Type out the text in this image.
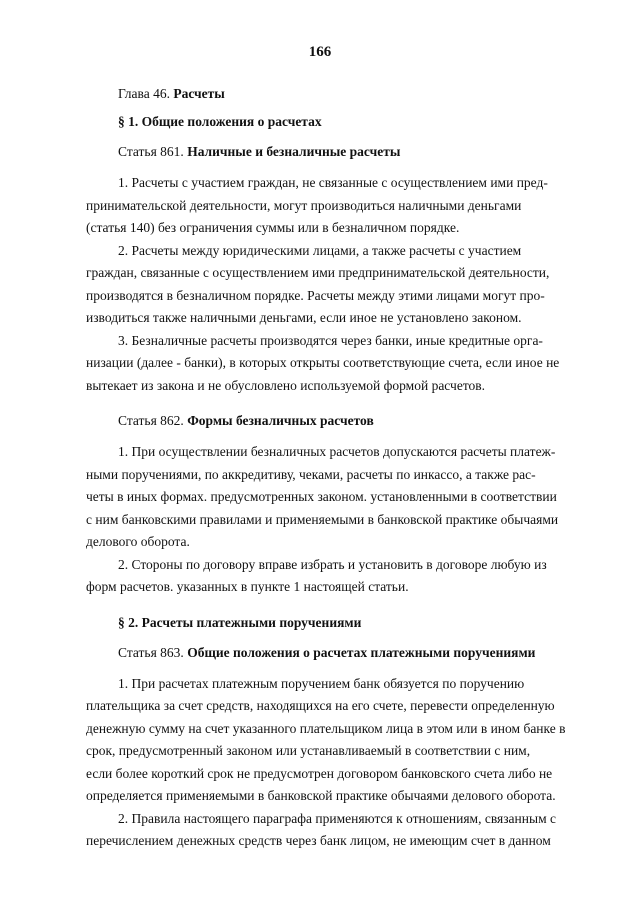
166

Глава 46. Расчеты

§ 1. Общие положения о расчетах

Статья 861. Наличные и безналичные расчеты

1. Расчеты с участием граждан, не связанные с осуществлением ими пред-
принимательской деятельности, могут производиться наличными деньгами
(статья 140) без ограничения суммы или в безналичном порядке.

2. Расчеты между юридическими лицами, а также расчеты с участием
граждан, связанные с осуществлением ими предпринимательской деятельности,
производятся в безналичном порядке. Расчеты между этими лицами могут про-
изводиться также наличными деньгами, если иное не установлено законом.

3. Безналичные расчеты производятся через банки, иные кредитные орга-
низации (далее - банки), в которых открыты соответствующие счета, если иное не
вытекает из закона и не обусловлено используемой формой расчетов.

Статья 862. Формы безналичных расчетов

1. При осуществлении безналичных расчетов допускаются расчеты платеж-
ными поручениями, по аккредитиву, чеками, расчеты по инкассо, а также рас-
четы в иных формах. предусмотренных законом. установленными в соответствии
с ним банковскими правилами и применяемыми в банковской практике обычаями
делового оборота.

2. Стороны по договору вправе избрать и установить в договоре любую из
форм расчетов. указанных в пункте 1 настоящей статьи.

§ 2. Расчеты платежными поручениями

Статья 863. Общие положения о расчетах платежными поручениями

1. При расчетах платежным поручением банк обязуется по поручению
плательщика за счет средств, находящихся на его счете, перевести определенную
денежную сумму на счет указанного плательщиком лица в этом или в ином банке в
срок, предусмотренный законом или устанавливаемый в соответствии с ним,
если более короткий срок не предусмотрен договором банковского счета либо не
определяется применяемыми в банковской практике обычаями делового оборота.

2. Правила настоящего параграфа применяются к отношениям, связанным с
перечислением денежных средств через банк лицом, не имеющим счет в данном
